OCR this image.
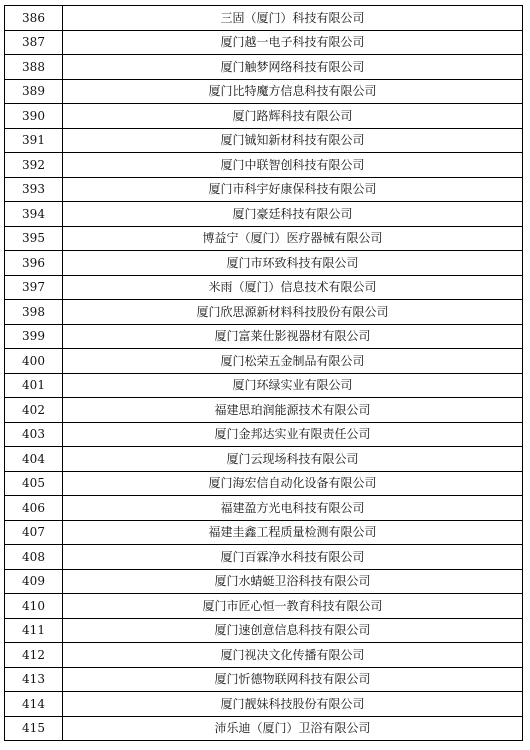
386	三固（厦门）科技有限公司
387	厦门越一电子科技有限公司
388	厦门触梦网络科技有限公司
389	厦门比特魔方信息科技有限公司
390	厦门路辉科技有限公司
391	厦门铖知新材科技有限公司
392	厦门中联智创科技有限公司
393	厦门市科宇好康保科技有限公司
394	厦门豪廷科技有限公司
395	博益宁（厦门）医疗器械有限公司
396	厦门市环致科技有限公司
397	米雨（厦门）信息技术有限公司
398	厦门欣思源新材料科技股份有限公司
399	厦门富莱仕影视器材有限公司
400	厦门松荣五金制品有限公司
401	厦门环绿实业有限公司
402	福建思珀润能源技术有限公司
403	厦门金邦达实业有限责任公司
404	厦门云现场科技有限公司
405	厦门海宏信自动化设备有限公司
406	福建盈方光电科技有限公司
407	福建圭鑫工程质量检测有限公司
408	厦门百霖净水科技有限公司
409	厦门水蜻蜓卫浴科技有限公司
410	厦门市匠心恒一教育科技有限公司
411	厦门速创意信息科技有限公司
412	厦门视决文化传播有限公司
413	厦门忻德物联网科技有限公司
414	厦门靓妹科技股份有限公司
415	沛乐迪（厦门）卫浴有限公司
